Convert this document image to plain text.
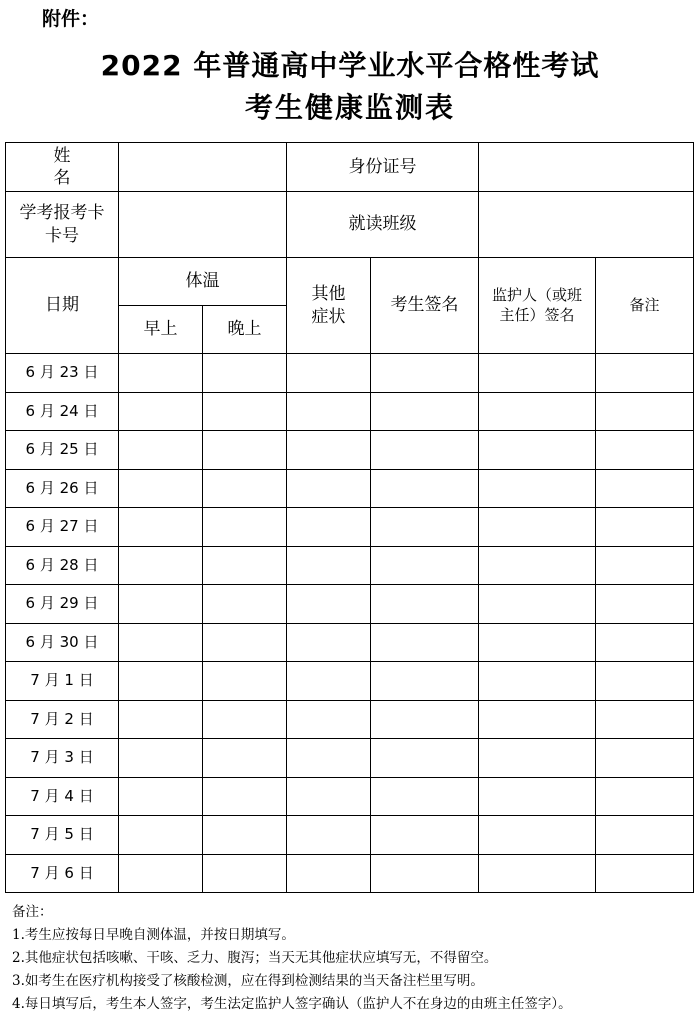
附件：
2022 年普通高中学业水平合格性考试
考生健康监测表
姓 名			身份证号			
学考报考卡卡号			就读班级			
日期	体温		其他症状	考生签名	监护人（或班主任）签名	备注
	早上	晚上				
6 月 23 日						
6 月 24 日						
6 月 25 日						
6 月 26 日						
6 月 27 日						
6 月 28 日						
6 月 29 日						
6 月 30 日						
7 月 1 日						
7 月 2 日						
7 月 3 日						
7 月 4 日						
7 月 5 日						
7 月 6 日						
备注：
1.考生应按每日早晚自测体温，并按日期填写。
2.其他症状包括咳嗽、干咳、乏力、腹泻；当天无其他症状应填写无，不得留空。
3.如考生在医疗机构接受了核酸检测，应在得到检测结果的当天备注栏里写明。
4.每日填写后，考生本人签字，考生法定监护人签字确认（监护人不在身边的由班主任签字）。
